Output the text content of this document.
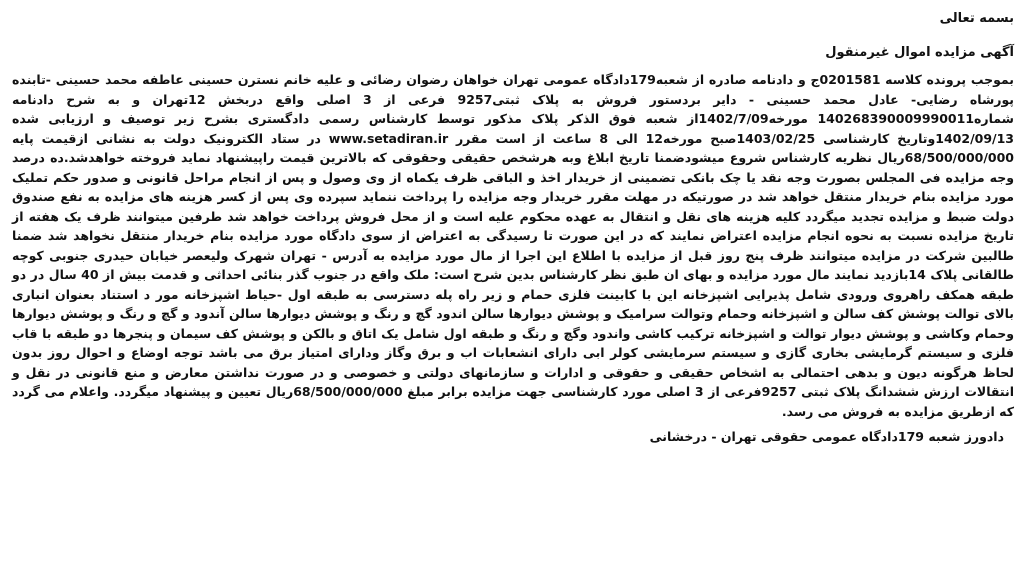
بسمه تعالی

آگهی مزایده اموال غیرمنقول

بموجب پرونده کلاسه 0201581ج و دادنامه صادره از شعبه179دادگاه عمومی تهران خواهان رضوان رضائی و علیه خانم نسترن حسینی عاطفه محمد حسینی -تابنده پورشاه رضایی- عادل محمد حسینی - دایر بردستور فروش به پلاک ثبتی9257 فرعی از 3 اصلی واقع دربخش 12تهران و به شرح دادنامه شماره140268390009990011 مورخه1402/7/09از شعبه فوق الذکر پلاک مذکور توسط کارشناس رسمی دادگستری بشرح زیر توصیف و ارزیابی شده 1402/09/13وتاریخ کارشناسی 1403/02/25صبح مورخه12 الی 8 ساعت از است مقرر www.setadiran.ir در ستاد الکترونیک دولت به نشانی ازقیمت پایه 68/500/000/000ریال نظریه کارشناس شروع میشودضمنا تاریخ ابلاغ وبه هرشخص حقیقی وحقوقی که بالاترین قیمت راپیشنهاد نماید فروخته خواهدشد.ده درصد وجه مزایده فی المجلس بصورت وجه نقد یا چک بانکی تضمینی از خریدار اخذ و الباقی ظرف یکماه از وی وصول و پس از انجام مراحل قانونی و صدور حکم تملیک مورد مزایده بنام خریدار منتقل خواهد شد در صورتیکه در مهلت مقرر خریدار وجه مزایده را پرداخت ننماید سپرده وی پس از کسر هزینه های مزایده به نفع صندوق دولت ضبط و مزایده تجدید میگردد کلیه هزینه های نقل و انتقال به عهده محکوم علیه است و از محل فروش پرداخت خواهد شد طرفین میتوانند ظرف یک هفته از تاریخ مزایده نسبت به نحوه انجام مزایده اعتراض نمایند که در این صورت تا رسیدگی به اعتراض از سوی دادگاه مورد مزایده بنام خریدار منتقل نخواهد شد ضمنا طالبین شرکت در مزایده میتوانند ظرف پنج روز قبل از مزایده با اطلاع این اجرا از مال مورد مزایده به آدرس - تهران شهرک ولیعصر خیابان حیدری جنوبی کوچه طالقانی پلاک 14بازدید نمایند مال مورد مزایده و بهای ان طبق نظر کارشناس بدین شرح است: ملک واقع در جنوب گذر بنائی احداثی و قدمت بیش از 40 سال در دو طبقه همکف راهروی ورودی شامل پذیرایی اشپزخانه این با کابینت فلزی حمام و زیر راه پله دسترسی به طبقه اول -حیاط اشپزخانه مور د استناد بعنوان انباری بالای توالت پوشش کف سالن و اشپزخانه وحمام وتوالت سرامیک و پوشش دیوارها سالن اندود گچ و رنگ و پوشش دیوارها سالن آندود و گچ و رنگ و پوشش دیوارها وحمام وکاشی و پوشش دیوار توالت و اشپزخانه ترکیب کاشی واندود وگچ و رنگ و طبقه اول شامل یک اتاق و بالکن و پوشش کف سیمان و پنجرها دو طبقه با قاب فلزی و سیستم گرمایشی بخاری گازی و سیستم سرمایشی کولر ابی دارای انشعابات اب و برق وگاز ودارای امتیاز برق می باشد توجه اوضاع و احوال روز بدون لحاظ هرگونه دیون و بدهی احتمالی به اشخاص حقیقی و حقوقی و ادارات و سازمانهای دولتی و خصوصی و در صورت نداشتن معارض و منع قانونی در نقل و انتقالات ارزش ششدانگ پلاک ثبتی 9257فرعی از 3 اصلی مورد کارشناسی جهت مزایده برابر مبلغ 68/500/000/000ریال تعیین و پیشنهاد میگردد. واعلام می گردد که ازطریق مزایده به فروش می رسد.

دادورز شعبه 179دادگاه عمومی حقوقی تهران - درخشانی
